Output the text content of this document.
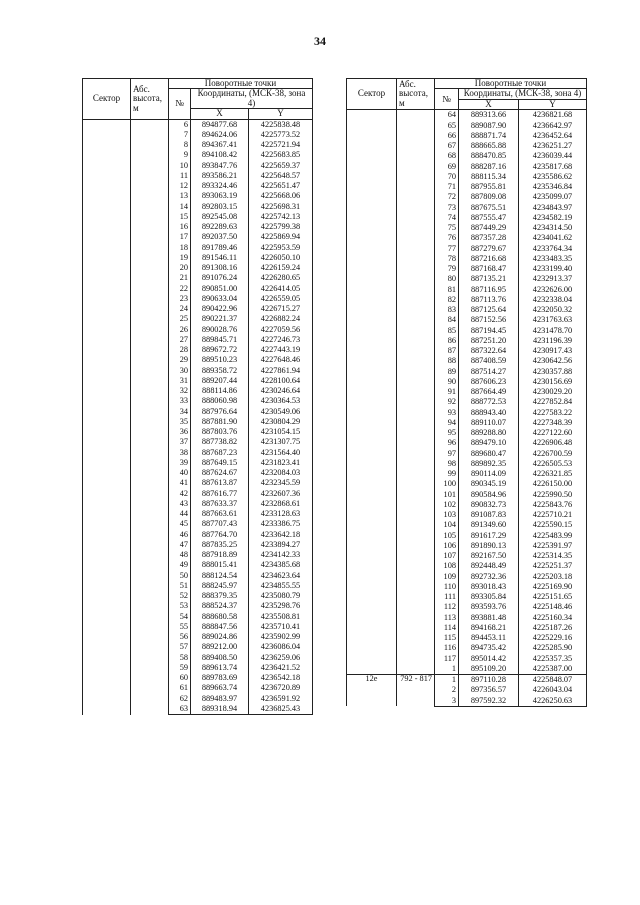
34
Сектор	Абс. высота, м	Поворотные точки		
		№	Координаты, (МСК-38, зона 4)	
			X	Y
		6	894877.68	4225838.48
		7	894624.06	4225773.52
		8	894367.41	4225721.94
		9	894108.42	4225683.85
		10	893847.76	4225659.37
		11	893586.21	4225648.57
		12	893324.46	4225651.47
		13	893063.19	4225668.06
		14	892803.15	4225698.31
		15	892545.08	4225742.13
		16	892289.63	4225799.38
		17	892037.50	4225869.94
		18	891789.46	4225953.59
		19	891546.11	4226050.10
		20	891308.16	4226159.24
		21	891076.24	4226280.65
		22	890851.00	4226414.05
		23	890633.04	4226559.05
		24	890422.96	4226715.27
		25	890221.37	4226882.24
		26	890028.76	4227059.56
		27	889845.71	4227246.73
		28	889672.72	4227443.19
		29	889510.23	4227648.46
		30	889358.72	4227861.94
		31	889207.44	4228100.64
		32	888114.86	4230246.64
		33	888060.98	4230364.53
		34	887976.64	4230549.06
		35	887881.90	4230804.29
		36	887803.76	4231054.15
		37	887738.82	4231307.75
		38	887687.23	4231564.40
		39	887649.15	4231823.41
		40	887624.67	4232084.03
		41	887613.87	4232345.59
		42	887616.77	4232607.36
		43	887633.37	4232868.61
		44	887663.61	4233128.63
		45	887707.43	4233386.75
		46	887764.70	4233642.18
		47	887835.25	4233894.27
		48	887918.89	4234142.33
		49	888015.41	4234385.68
		50	888124.54	4234623.64
		51	888245.97	4234855.55
		52	888379.35	4235080.79
		53	888524.37	4235298.76
		54	888680.58	4235508.81
		55	888847.56	4235710.41
		56	889024.86	4235902.99
		57	889212.00	4236086.04
		58	889408.50	4236259.06
		59	889613.74	4236421.52
		60	889783.69	4236542.18
		61	889663.74	4236720.89
		62	889483.97	4236591.92
		63	889318.94	4236825.43
Сектор	Абс. высота, м	Поворотные точки		
		№	Координаты, (МСК-38, зона 4)	
			X	Y
		64	889313.66	4236821.68
		65	889087.90	4236642.97
		66	888871.74	4236452.64
		67	888665.88	4236251.27
		68	888470.85	4236039.44
		69	888287.16	4235817.68
		70	888115.34	4235586.62
		71	887955.81	4235346.84
		72	887809.08	4235099.07
		73	887675.51	4234843.97
		74	887555.47	4234582.19
		75	887449.29	4234314.50
		76	887357.28	4234041.62
		77	887279.67	4233764.34
		78	887216.68	4233483.35
		79	887168.47	4233199.40
		80	887135.21	4232913.37
		81	887116.95	4232626.00
		82	887113.76	4232338.04
		83	887125.64	4232050.32
		84	887152.56	4231763.63
		85	887194.45	4231478.70
		86	887251.20	4231196.39
		87	887322.64	4230917.43
		88	887408.59	4230642.56
		89	887514.27	4230357.88
		90	887606.23	4230156.69
		91	887664.49	4230029.20
		92	888772.53	4227852.84
		93	888943.40	4227583.22
		94	889110.07	4227348.39
		95	889288.80	4227122.60
		96	889479.10	4226906.48
		97	889680.47	4226700.59
		98	889892.35	4226505.53
		99	890114.09	4226321.85
		100	890345.19	4226150.00
		101	890584.96	4225990.50
		102	890832.73	4225843.76
		103	891087.83	4225710.21
		104	891349.60	4225590.15
		105	891617.29	4225483.99
		106	891890.13	4225391.97
		107	892167.50	4225314.35
		108	892448.49	4225251.37
		109	892732.36	4225203.18
		110	893018.43	4225169.90
		111	893305.84	4225151.65
		112	893593.76	4225148.46
		113	893881.48	4225160.34
		114	894168.21	4225187.26
		115	894453.11	4225229.16
		116	894735.42	4225285.90
		117	895014.42	4225357.35
		1	895109.20	4225387.00
12e	792 - 817	1	897110.28	4225848.07
		2	897356.57	4226043.04
		3	897592.32	4226250.63
